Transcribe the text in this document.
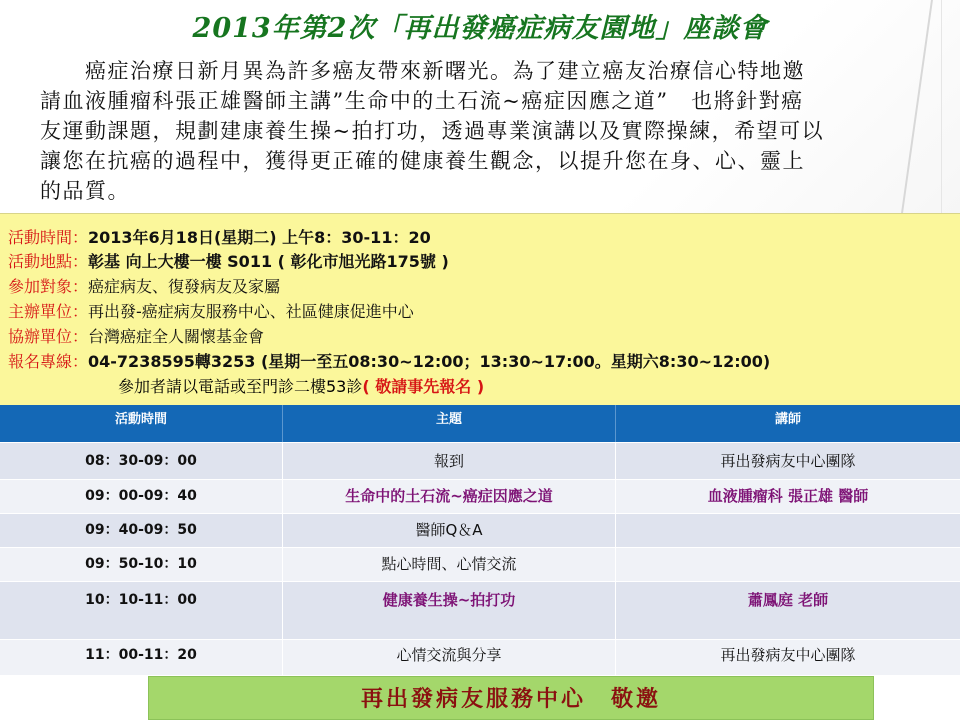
2013年第2次「再出發癌症病友園地」座談會
　　癌症治療日新月異為許多癌友帶來新曙光。為了建立癌友治療信心特地邀
請血液腫瘤科張正雄醫師主講”生命中的土石流~癌症因應之道”　也將針對癌
友運動課題，規劃建康養生操~拍打功，透過專業演講以及實際操練，希望可以
讓您在抗癌的過程中，獲得更正確的健康養生觀念，以提升您在身、心、靈上
的品質。
活動時間：2013年6月18日(星期二) 上午8：30-11：20
活動地點：彰基 向上大樓一樓 S011 ( 彰化市旭光路175號 )
參加對象：癌症病友、復發病友及家屬
主辦單位：再出發-癌症病友服務中心、社區健康促進中心
協辦單位：台灣癌症全人關懷基金會
報名專線：04-7238595轉3253 (星期一至五08:30~12:00；13:30~17:00。星期六8:30~12:00)
參加者請以電話或至門診二樓53診( 敬請事先報名 )
活動時間	主題	講師
08：30-09：00	報到	再出發病友中心團隊
09：00-09：40	生命中的土石流~癌症因應之道	血液腫瘤科 張正雄 醫師
09：40-09：50	醫師Q＆A
09：50-10：10	點心時間、心情交流
10：10-11：00	健康養生操~拍打功	蕭鳳庭 老師
11：00-11：20	心情交流與分享	再出發病友中心團隊
再出發病友服務中心　敬邀
